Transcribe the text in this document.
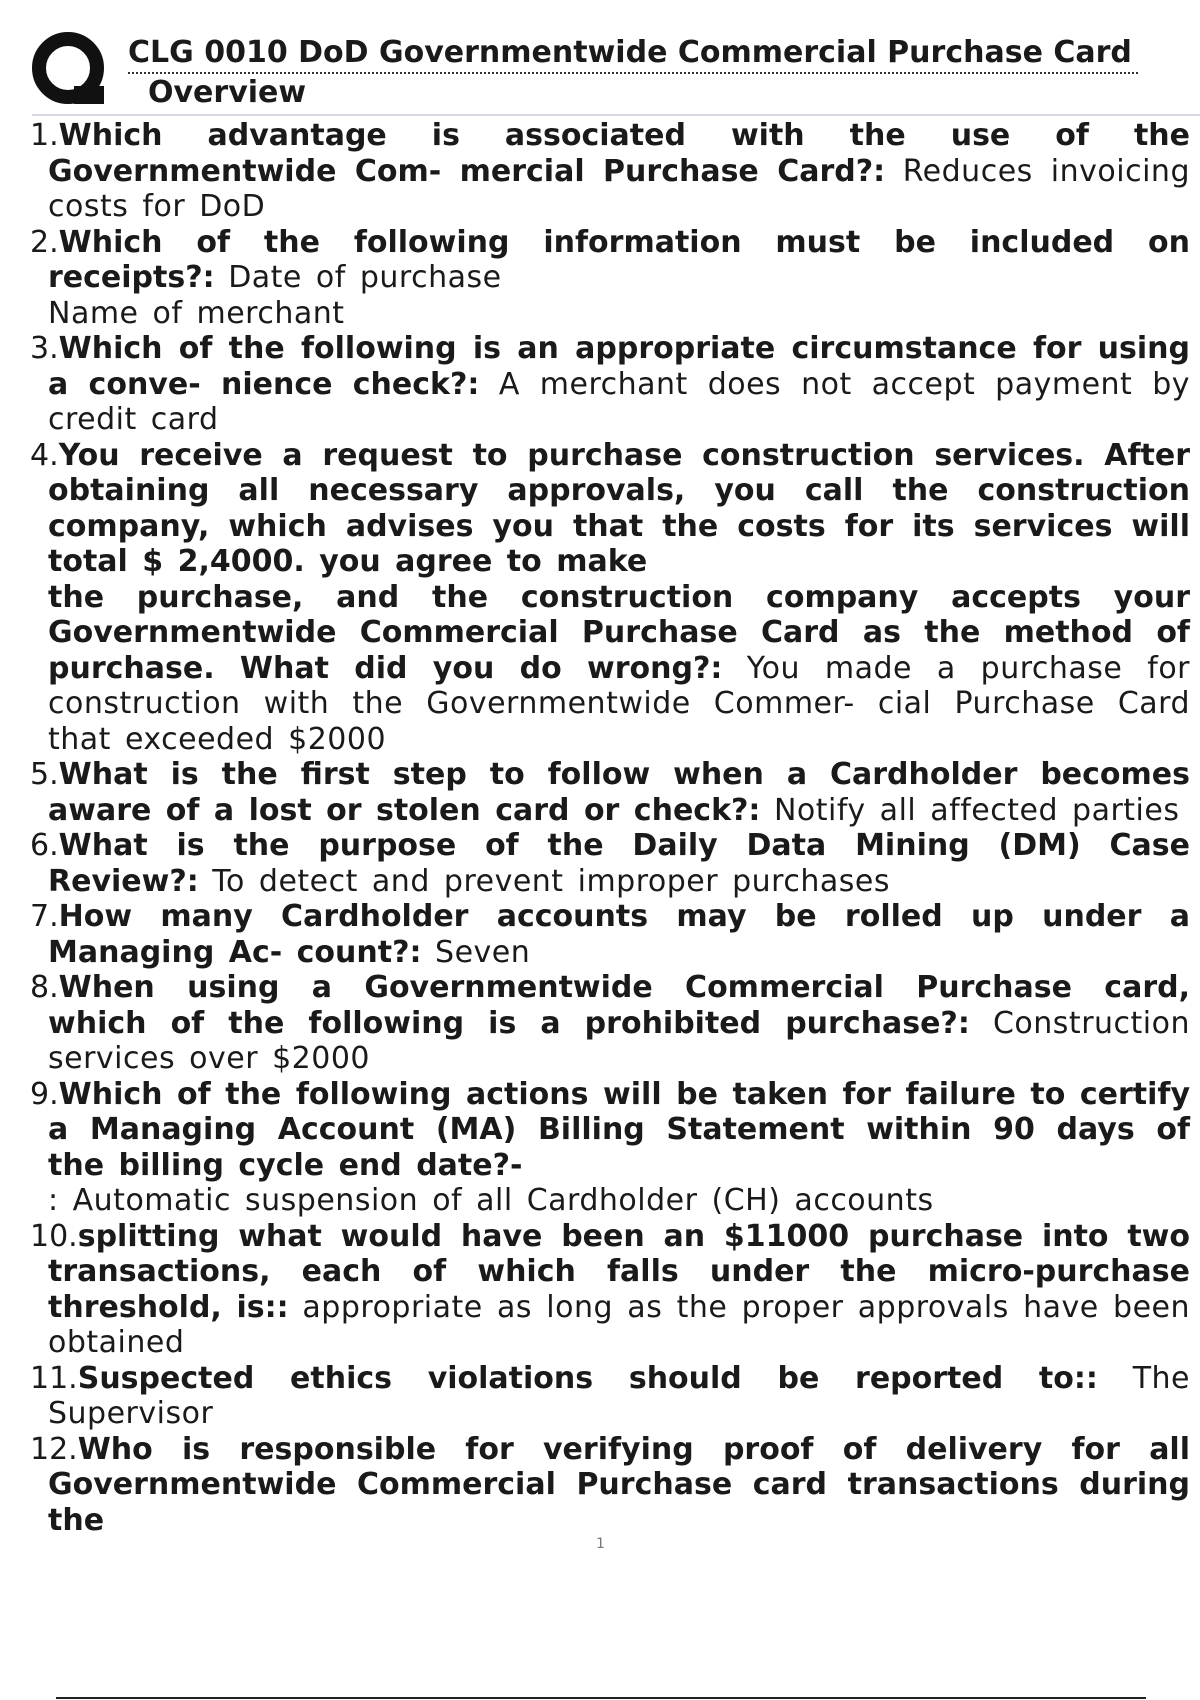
CLG 0010 DoD Governmentwide Commercial Purchase Card
Overview

1.Which advantage is associated with the use of the Governmentwide Com- mercial Purchase Card?: Reduces invoicing costs for DoD

2.Which of the following information must be included on receipts?: Date of purchase
Name of merchant

3.Which of the following is an appropriate circumstance for using a conve- nience check?: A merchant does not accept payment by credit card

4.You receive a request to purchase construction services. After obtaining all necessary approvals, you call the construction company, which advises you that the costs for its services will total $ 2,4000. you agree to make
the purchase, and the construction company accepts your Governmentwide Commercial Purchase Card as the method of purchase. What did you do wrong?: You made a purchase for construction with the Governmentwide Commer- cial Purchase Card that exceeded $2000

5.What is the first step to follow when a Cardholder becomes aware of a lost or stolen card or check?: Notify all affected parties

6.What is the purpose of the Daily Data Mining (DM) Case Review?: To detect and prevent improper purchases

7.How many Cardholder accounts may be rolled up under a Managing Ac- count?: Seven

8.When using a Governmentwide Commercial Purchase card, which of the following is a prohibited purchase?: Construction services over $2000

9.Which of the following actions will be taken for failure to certify a Managing Account (MA) Billing Statement within 90 days of the billing cycle end date?-
: Automatic suspension of all Cardholder (CH) accounts

10.splitting what would have been an $11000 purchase into two transactions, each of which falls under the micro-purchase threshold, is:: appropriate as long as the proper approvals have been obtained

11.Suspected ethics violations should be reported to:: The Supervisor

12.Who is responsible for verifying proof of delivery for all Governmentwide Commercial Purchase card transactions during the

1
